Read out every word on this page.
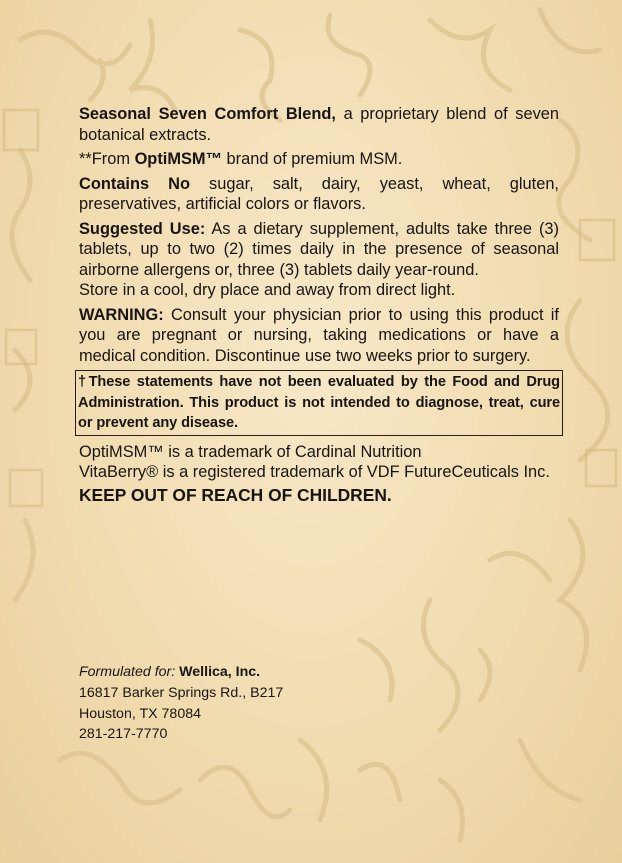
Seasonal Seven Comfort Blend, a proprietary blend of seven botanical extracts.

**From OptiMSM™ brand of premium MSM.

Contains No sugar, salt, dairy, yeast, wheat, gluten, preservatives, artificial colors or flavors.

Suggested Use: As a dietary supplement, adults take three (3) tablets, up to two (2) times daily in the presence of seasonal airborne allergens or, three (3) tablets daily year-round.

Store in a cool, dry place and away from direct light.

WARNING: Consult your physician prior to using this product if you are pregnant or nursing, taking medications or have a medical condition. Discontinue use two weeks prior to surgery.

†These statements have not been evaluated by the Food and Drug Administration. This product is not intended to diagnose, treat, cure or prevent any disease.

OptiMSM™ is a trademark of Cardinal Nutrition

VitaBerry® is a registered trademark of VDF FutureCeuticals Inc.

KEEP OUT OF REACH OF CHILDREN.

Formulated for: Wellica, Inc.

16817 Barker Springs Rd., B217

Houston, TX 78084

281-217-7770
